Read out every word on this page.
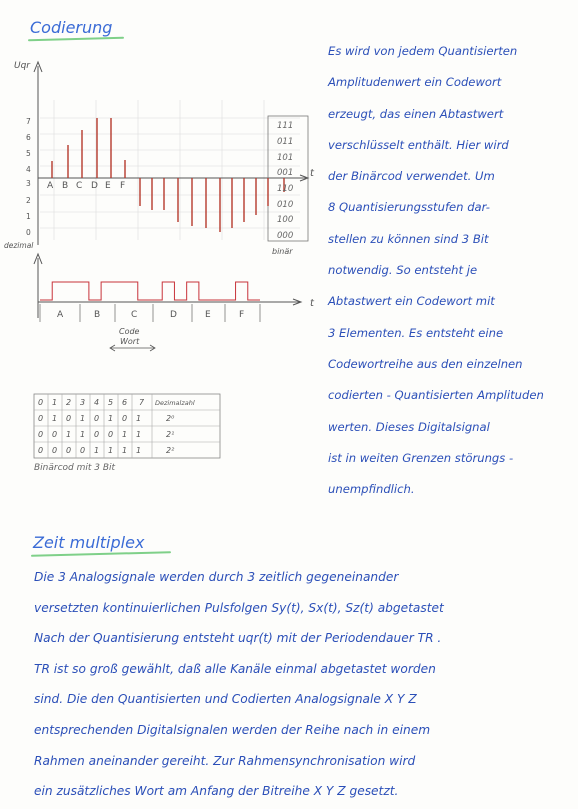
Codierung
Uqr
t
dezimal
binär
7
6
5
4
3
2
1
0
111
011
101
001
110
010
100
000
A B C D E F
t
A	B	C	D	E	F
Code
Wort
0 1 2 3 4 5 6 7 Dezimalzahl
0 1 0 1 0 1 0 1	2⁰
0 0 1 1 0 0 1 1	2¹
0 0 0 0 1 1 1 1	2²
Binärcod mit 3 Bit
Es wird von jedem Quantisierten
Amplitudenwert ein Codewort
erzeugt, das einen Abtastwert
verschlüsselt enthält. Hier wird
der Binärcod verwendet. Um
8 Quantisierungsstufen dar-
stellen zu können sind 3 Bit
notwendig. So entsteht je
Abtastwert ein Codewort mit
3 Elementen. Es entsteht eine
Codewortreihe aus den einzelnen
codierten - Quantisierten Amplituden
werten. Dieses Digitalsignal
ist in weiten Grenzen störungs -
unempfindlich.
Zeit multiplex
Die 3 Analogsignale werden durch 3 zeitlich gegeneinander
versetzten kontinuierlichen Pulsfolgen Sy(t), Sx(t), Sz(t) abgetastet
Nach der Quantisierung entsteht uqr(t) mit der Periodendauer TR .
TR ist so groß gewählt, daß alle Kanäle einmal abgetastet worden
sind. Die den Quantisierten und Codierten Analogsignale X Y Z
entsprechenden Digitalsignalen werden der Reihe nach in einem
Rahmen aneinander gereiht. Zur Rahmensynchronisation wird
ein zusätzliches Wort am Anfang der Bitreihe X Y Z gesetzt.
